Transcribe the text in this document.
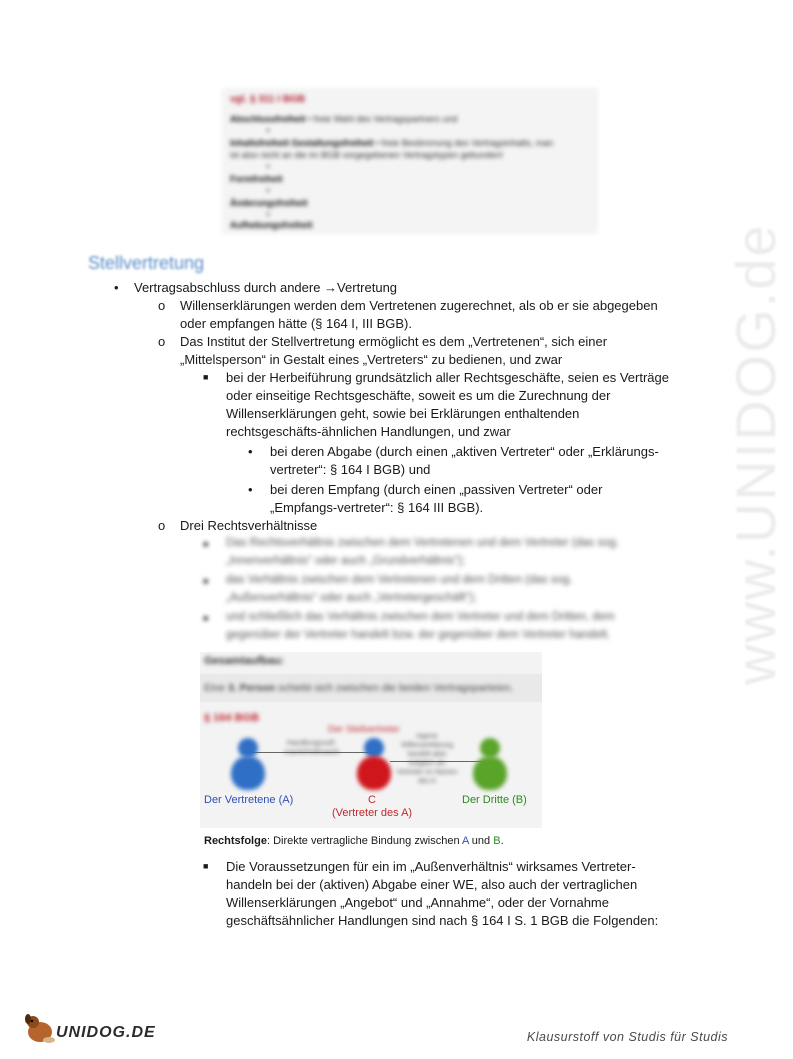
vgl. § 311 I BGB
Abschlussfreiheit • freie Wahl des Vertragspartners und
▾
Inhaltsfreiheit Gestaltungsfreiheit • freie Bestimmung des Vertragsinhalts, man
ist also nicht an die im BGB vorgegebenen Vertragstypen gebunden!
▾
Formfreiheit
▾
Änderungsfreiheit
▾
Aufhebungsfreiheit
Stellvertretung	www.UNIDOG.de
• Vertragsabschluss durch andere →Vertretung
o Willenserklärungen werden dem Vertretenen zugerechnet, als ob er sie abgegeben
oder empfangen hätte (§ 164 I, III BGB).
o Das Institut der Stellvertretung ermöglicht es dem „Vertretenen“, sich einer
„Mittelsperson“ in Gestalt eines „Vertreters“ zu bedienen, und zwar
■ bei der Herbeiführung grundsätzlich aller Rechtsgeschäfte, seien es Verträge
oder einseitige Rechtsgeschäfte, soweit es um die Zurechnung der
Willenserklärungen geht, sowie bei Erklärungen enthaltenden
rechtsgeschäfts-ähnlichen Handlungen, und zwar
• bei deren Abgabe (durch einen „aktiven Vertreter“ oder „Erklärungs-
vertreter“: § 164 I BGB) und
• bei deren Empfang (durch einen „passiven Vertreter“ oder
„Empfangs-vertreter“: § 164 III BGB).
o Drei Rechtsverhältnisse
■ Das Rechtsverhältnis zwischen dem Vertretenen und dem Vertreter (das sog.
„Innenverhältnis“ oder auch „Grundverhältnis“);
■ das Verhältnis zwischen dem Vertretenen und dem Dritten (das sog.
„Außenverhältnis“ oder auch „Vertretergeschäft“);
■ und schließlich das Verhältnis zwischen dem Vertreter und dem Dritten, dem
gegenüber der Vertreter handelt bzw. der gegenüber dem Vertreter handelt.
Gesamtaufbau:
Eine 3. Person schiebt sich zwischen die beiden Vertragsparteien.
§ 164 BGB
Der Stellvertreter
Handlungsvoll-
macht/Vollmacht
eigene Willenserklärung handelt aber lediglich als Vertreter im Namen des A
Der Vertretene (A)	C
(Vertreter des A)
Der Dritte (B)
Rechtsfolge: Direkte vertragliche Bindung zwischen A und B.
■ Die Voraussetzungen für ein im „Außenverhältnis“ wirksames Vertreter-
handeln bei der (aktiven) Abgabe einer WE, also auch der vertraglichen
Willenserklärungen „Angebot“ und „Annahme“, oder der Vornahme
geschäftsähnlicher Handlungen sind nach § 164 I S. 1 BGB die Folgenden:
UNIDOG.DE	Klausurstoff von Studis für Studis
